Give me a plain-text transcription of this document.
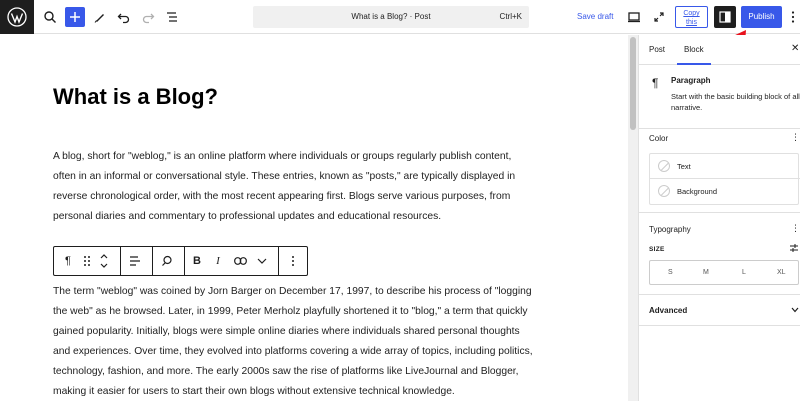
What is a Blog? · Post	Ctrl+K	Save draft	Copy
this
Publish
What is a Blog?
A blog, short for "weblog," is an online platform where individuals or groups regularly publish content,
often in an informal or conversational style. These entries, known as "posts," are typically displayed in
reverse chronological order, with the most recent appearing first. Blogs serve various purposes, from
personal diaries and commentary to professional updates and educational resources.
¶	B	I
The term "weblog" was coined by Jorn Barger on December 17, 1997, to describe his process of "logging
the web" as he browsed. Later, in 1999, Peter Merholz playfully shortened it to "blog," a term that quickly
gained popularity. Initially, blogs were simple online diaries where individuals shared personal thoughts
and experiences. Over time, they evolved into platforms covering a wide array of topics, including politics,
technology, fashion, and more. The early 2000s saw the rise of platforms like LiveJournal and Blogger,
making it easier for users to start their own blogs without extensive technical knowledge.
Post Block	✕
¶ Paragraph
Start with the basic building block of all narrative.
Color	⋮
Text
Background
Typography	⋮
SIZE
S	M	L	XL
Advanced
